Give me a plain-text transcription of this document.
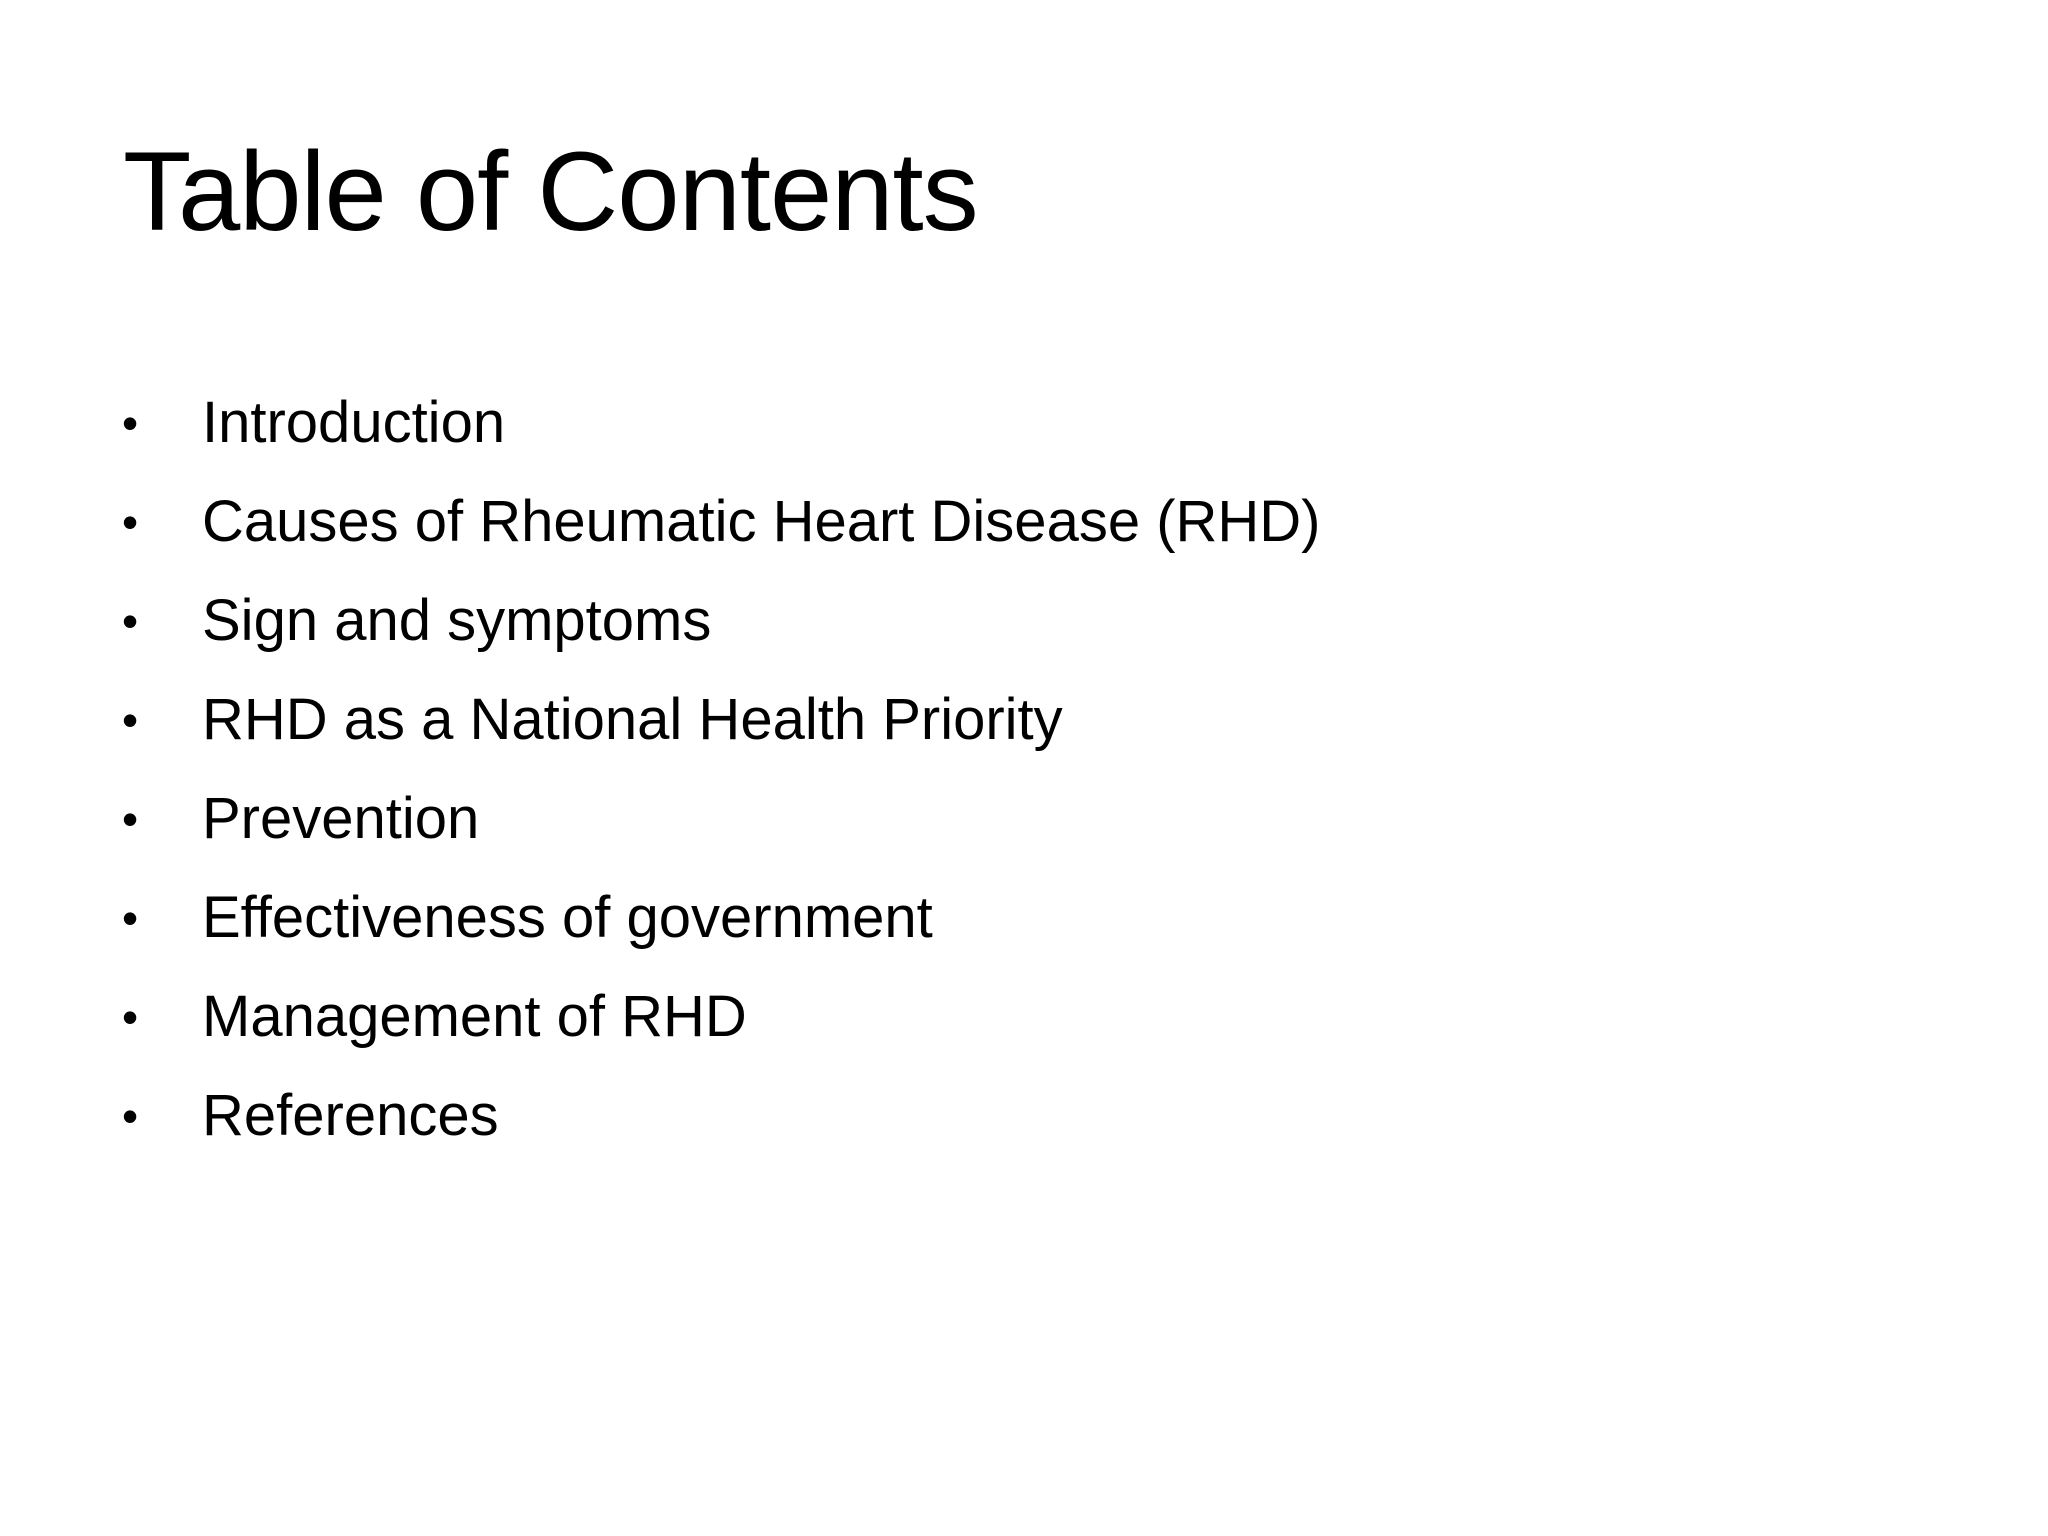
Table of Contents
•	Introduction
•	Causes of Rheumatic Heart Disease (RHD)
•	Sign and symptoms
•	RHD as a National Health Priority
•	Prevention
•	Effectiveness of government
•	Management of RHD
•	References
